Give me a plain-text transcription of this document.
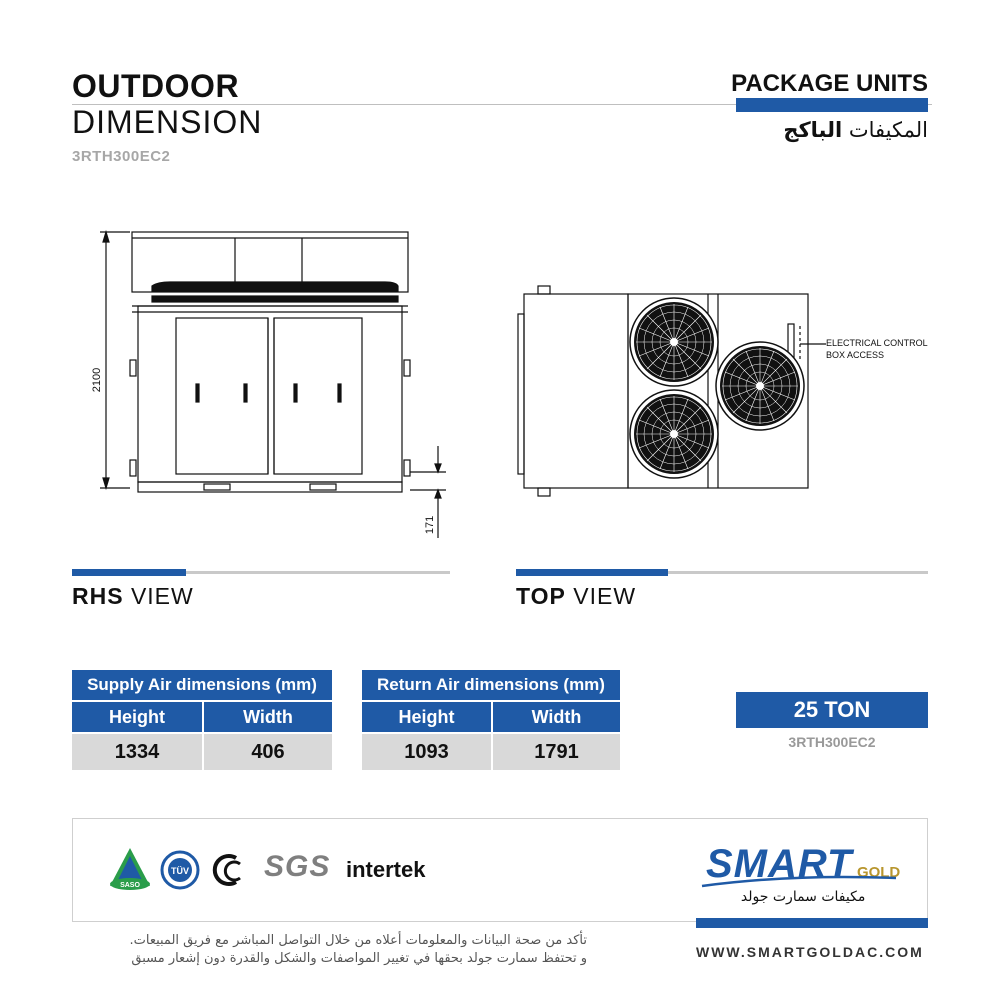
OUTDOOR
DIMENSION
3RTH300EC2
PACKAGE UNITS
المكيفات الباكج
2100
171
ELECTRICAL CONTROL
BOX ACCESS
RHS VIEW	TOP VIEW
Supply Air dimensions (mm)	
Height	Width
1334	406
Return Air dimensions (mm)	
Height	Width
1093	1791
25 TON
3RTH300EC2
SASO
TÜV	SGS intertek	SMART GOLD
مكيفات سمارت جولد
WWW.SMARTGOLDAC.COM
تأكد من صحة البيانات والمعلومات أعلاه من خلال التواصل المباشر مع فريق المبيعات.
و تحتفظ سمارت جولد بحقها في تغيير المواصفات والشكل والقدرة دون إشعار مسبق
